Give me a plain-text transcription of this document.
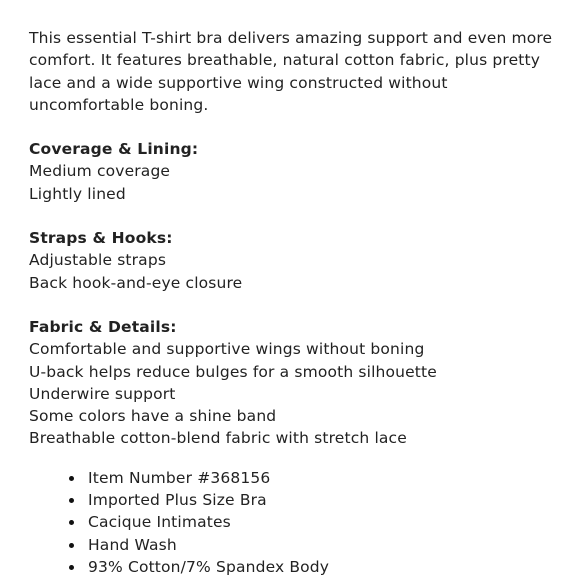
This essential T-shirt bra delivers amazing support and even more comfort. It features breathable, natural cotton fabric, plus pretty lace and a wide supportive wing constructed without uncomfortable boning.

Coverage & Lining:

Medium coverage

Lightly lined

Straps & Hooks:

Adjustable straps

Back hook-and-eye closure

Fabric & Details:

Comfortable and supportive wings without boning

U-back helps reduce bulges for a smooth silhouette

Underwire support

Some colors have a shine band

Breathable cotton-blend fabric with stretch lace

Item Number #368156
Imported Plus Size Bra
Cacique Intimates
Hand Wash
93% Cotton/7% Spandex Body
